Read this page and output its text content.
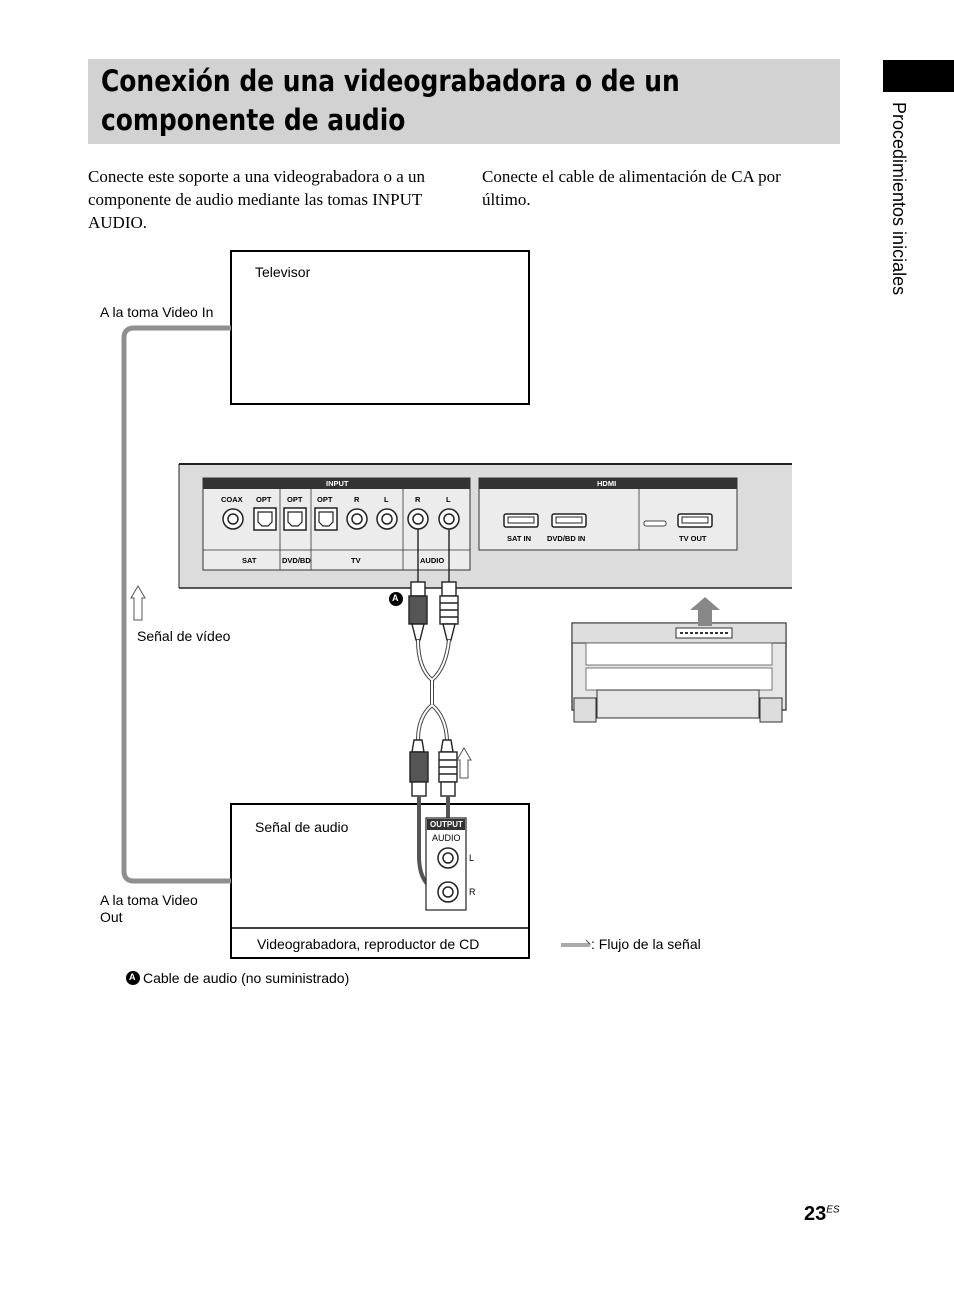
Conexión de una videograbadora o de un componente de audio	Procedimientos iniciales
Conecte este soporte a una videograbadora o a un componente de audio mediante las tomas INPUT AUDIO.
Conecte el cable de alimentación de CA por último.
INPUT	HDMI
COAX OPT OPT OPT	R	L	R	L
SAT	DVD/BD	TV	AUDIO
SAT IN DVD/BD IN	TV OUT
OUTPUT
AUDIO
L
R
A
A
Televisor
A la toma Video In
Señal de vídeo
Señal de audio
A la toma Video Out
Videograbadora, reproductor de CD	: Flujo de la señal
Cable de audio (no suministrado)
$23^{ES}$
